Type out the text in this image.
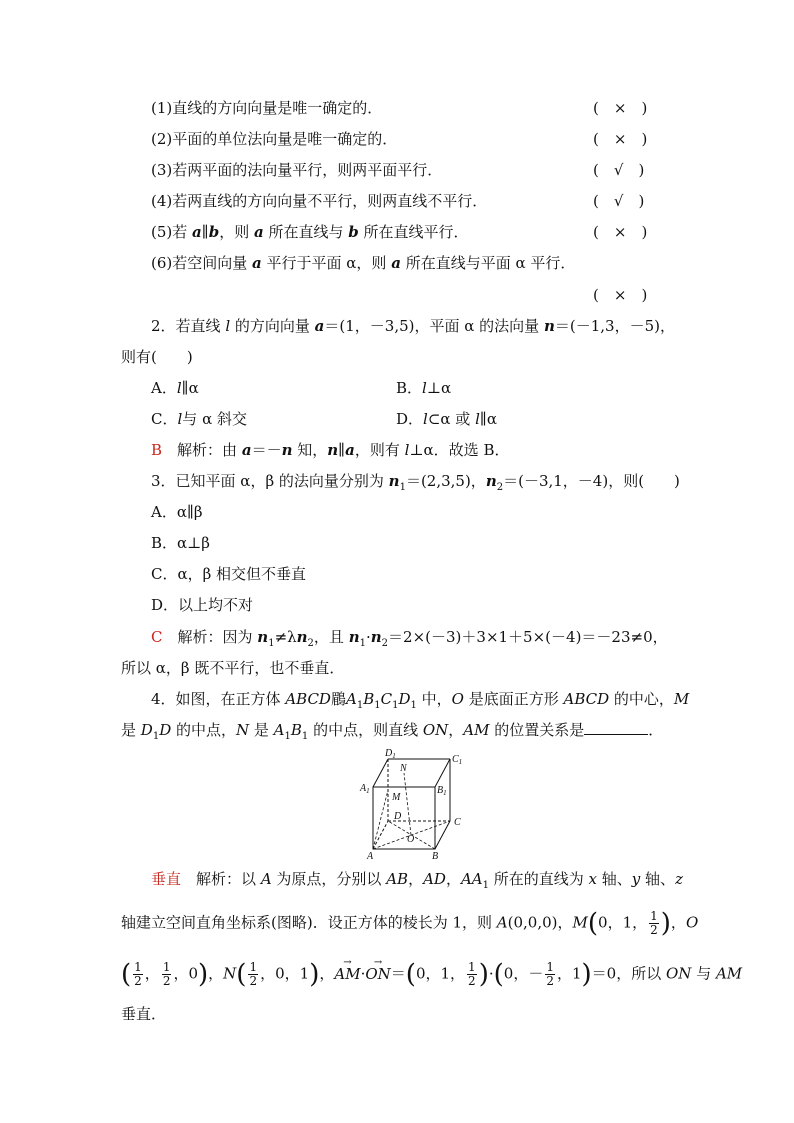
(1)直线的方向向量是唯一确定的．	(　 ×　 )
(2)平面的单位法向量是唯一确定的．	(　 ×　 )
(3)若两平面的法向量平行，则两平面平行．	(　 √　 )
(4)若两直线的方向向量不平行，则两直线不平行．	(　 √　 )
(5)若 a∥b，则 a 所在直线与 b 所在直线平行．	(　 ×　 )
(6)若空间向量 a 平行于平面 α，则 a 所在直线与平面 α 平行．
(　 ×　 )
2．若直线 l 的方向向量 a＝(1，－3,5)，平面 α 的法向量 n＝(－1,3，－5)，
则有(　　)
A．l∥α	B．l⊥α
C．l与 α 斜交	D．l⊂α 或 l∥α
B　 解析：由 a＝－n 知，n∥a，则有 l⊥α．故选 B．
3．已知平面 α，β 的法向量分别为 $n_1=(2,3,5)$，$n_2=(-3,1$，－4)，则(　　)
A．α∥β
B．α⊥β
C．α，β 相交但不垂直
D．以上均不对
C　 解析：因为 $n_1\ne\lambda n_2$，且 $n_1\cdot n_2=2\times(-3)+3\times 1+5\times(-4)=-23\ne 0$，
所以 α，β 既不平行，也不垂直．
4．如图，在正方体 ABCD﻿﻿鶥$A_1B_1C_1D_1$ 中，O 是底面正方形 ABCD 的中心，M
是 $D_1D$ 的中点，N 是 $A_1B_1$ 的中点，则直线 ON，AM 的位置关系是	．
$D_1$	$C_1$
$A_1$	$B_1$
N
M
D
C
O
A	B
垂直　 解析：以 A 为原点，分别以 AB，AD，$AA_1$ 所在的直线为 x 轴、y 轴、z
轴建立空间直角坐标系(图略)．设正方体的棱长为 1，则 A(0,0,0)，M(0，1， $\frac{1}{2}$ )，O
( $\frac{1}{2}$ ， $\frac{1}{2}$ ，0)，$N( \frac{1}{2}$ ，0，1)，→ AM·→ ON＝(0，1， $\frac{1}{2} )\cdot(0$，－ $\frac{1}{2}$ ，1)＝0，所以 ON 与 AM
垂直．
